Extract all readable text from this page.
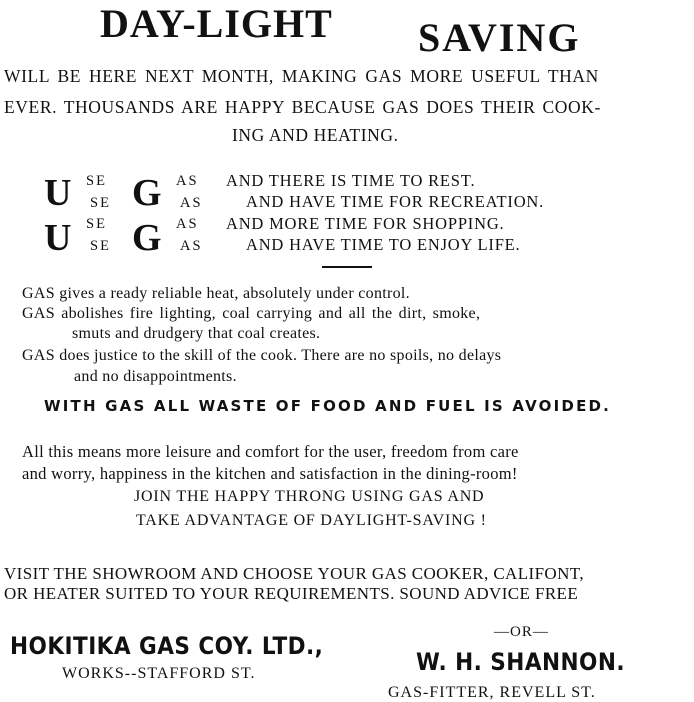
DAY-LIGHT SAVING
WILL BE HERE NEXT MONTH, MAKING GAS MORE USEFUL THAN
EVER. THOUSANDS ARE HAPPY BECAUSE GAS DOES THEIR COOK-
ING AND HEATING.
U SE
SE G AS
AS
AND THERE IS TIME TO REST.
AND HAVE TIME FOR RECREATION.
U SE
SE G AS
AS
AND MORE TIME FOR SHOPPING.
AND HAVE TIME TO ENJOY LIFE.
GAS gives a ready reliable heat, absolutely under control.
GAS abolishes fire lighting, coal carrying and all the dirt, smoke,
smuts and drudgery that coal creates.
GAS does justice to the skill of the cook. There are no spoils, no delays
and no disappointments.
WITH GAS ALL WASTE OF FOOD AND FUEL IS AVOIDED.
All this means more leisure and comfort for the user, freedom from care
and worry, happiness in the kitchen and satisfaction in the dining-room!
JOIN THE HAPPY THRONG USING GAS AND
TAKE ADVANTAGE OF DAYLIGHT-SAVING !
VISIT THE SHOWROOM AND CHOOSE YOUR GAS COOKER, CALIFONT,
OR HEATER SUITED TO YOUR REQUIREMENTS. SOUND ADVICE FREE
HOKITIKA GAS COY. LTD.,
WORKS--STAFFORD ST.
—OR—
W. H. SHANNON.
GAS-FITTER, REVELL ST.
